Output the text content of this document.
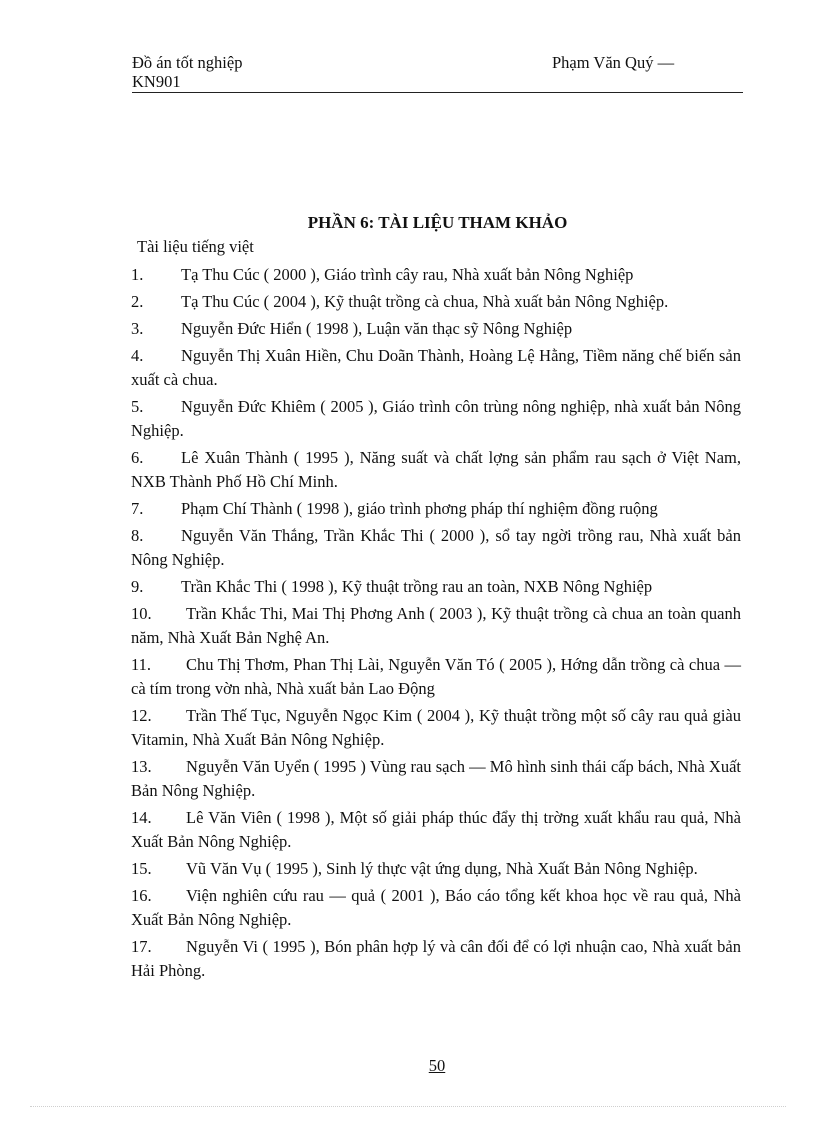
Đồ án tốt nghiệp	Phạm Văn Quý —
KN901
PHẦN 6: TÀI LIỆU THAM KHẢO
Tài liệu tiếng việt
1. Tạ Thu Cúc ( 2000 ), Giáo trình cây rau, Nhà xuất bản Nông Nghiệp
2. Tạ Thu Cúc ( 2004 ), Kỹ thuật trồng cà chua, Nhà xuất bản Nông Nghiệp.
3. Nguyễn Đức Hiển ( 1998 ), Luận văn thạc sỹ Nông Nghiệp
4. Nguyễn Thị Xuân Hiền, Chu Doãn Thành, Hoàng Lệ Hằng, Tiềm năng chế biến sản xuất cà chua.
5. Nguyễn Đức Khiêm ( 2005 ), Giáo trình côn trùng nông nghiệp, nhà xuất bản Nông Nghiệp.
6. Lê Xuân Thành ( 1995 ), Năng suất và chất lợng sản phẩm rau sạch ở Việt Nam, NXB Thành Phố Hồ Chí Minh.
7. Phạm Chí Thành ( 1998 ), giáo trình phơng pháp thí nghiệm đồng ruộng
8. Nguyễn Văn Thắng, Trần Khắc Thi ( 2000 ), sổ tay ngời trồng rau, Nhà xuất bản Nông Nghiệp.
9. Trần Khắc Thi ( 1998 ), Kỹ thuật trồng rau an toàn, NXB Nông Nghiệp
10. Trần Khắc Thi, Mai Thị Phơng Anh ( 2003 ), Kỹ thuật trồng cà chua an toàn quanh năm, Nhà Xuất Bản Nghệ An.
11. Chu Thị Thơm, Phan Thị Lài, Nguyễn Văn Tó ( 2005 ), Hớng dẫn trồng cà chua — cà tím trong vờn nhà, Nhà xuất bản Lao Động
12. Trần Thế Tục, Nguyễn Ngọc Kim ( 2004 ), Kỹ thuật trồng một số cây rau quả giàu Vitamin, Nhà Xuất Bản Nông Nghiệp.
13. Nguyễn Văn Uyển ( 1995 ) Vùng rau sạch — Mô hình sinh thái cấp bách, Nhà Xuất Bản Nông Nghiệp.
14. Lê Văn Viên ( 1998 ), Một số giải pháp thúc đẩy thị trờng xuất khẩu rau quả, Nhà Xuất Bản Nông Nghiệp.
15. Vũ Văn Vụ ( 1995 ), Sinh lý thực vật ứng dụng, Nhà Xuất Bản Nông Nghiệp.
16. Viện nghiên cứu rau — quả ( 2001 ), Báo cáo tổng kết khoa học về rau quả, Nhà Xuất Bản Nông Nghiệp.
17. Nguyễn Vi ( 1995 ), Bón phân hợp lý và cân đối để có lợi nhuận cao, Nhà xuất bản Hải Phòng.
50
